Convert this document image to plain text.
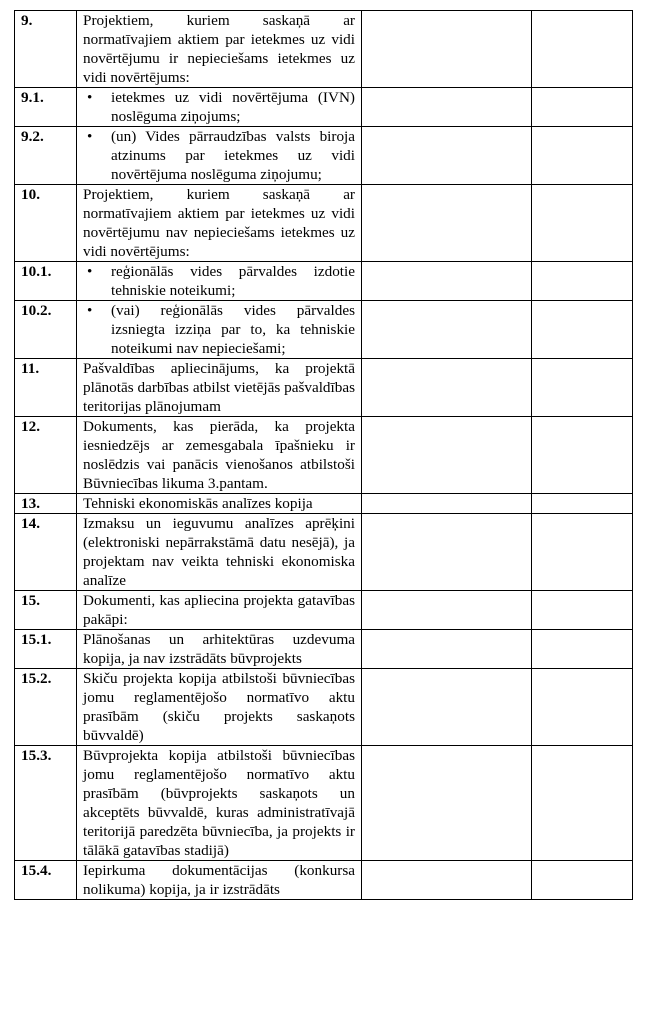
9.	Projektiem, kuriem saskaņā ar normatīvajiem aktiem par ietekmes uz vidi novērtējumu ir nepieciešams ietekmes uz vidi novērtējums:		
9.1.	• ietekmes uz vidi novērtējuma (IVN) noslēguma ziņojums;		

9.2.	• (un) Vides pārraudzības valsts biroja atzinums par ietekmes uz vidi novērtējuma noslēguma ziņojumu;		

10.	Projektiem, kuriem saskaņā ar normatīvajiem aktiem par ietekmes uz vidi novērtējumu nav nepieciešams ietekmes uz vidi novērtējums:		
10.1.	• reģionālās vides pārvaldes izdotie tehniskie noteikumi;		

10.2.	• (vai) reģionālās vides pārvaldes izsniegta izziņa par to, ka tehniskie noteikumi nav nepieciešami;		

11.	Pašvaldības apliecinājums, ka projektā plānotās darbības atbilst vietējās pašvaldības teritorijas plānojumam		
12.	Dokuments, kas pierāda, ka projekta iesniedzējs ar zemesgabala īpašnieku ir noslēdzis vai panācis vienošanos atbilstoši Būvniecības likuma 3.pantam.		
13.	Tehniski ekonomiskās analīzes kopija		
14.	Izmaksu un ieguvumu analīzes aprēķini (elektroniski nepārrakstāmā datu nesējā), ja projektam nav veikta tehniski ekonomiska analīze		
15.	Dokumenti, kas apliecina projekta gatavības pakāpi:		
15.1.	Plānošanas un arhitektūras uzdevuma kopija, ja nav izstrādāts būvprojekts		
15.2.	Skiču projekta kopija atbilstoši būvniecības jomu reglamentējošo normatīvo aktu prasībām (skiču projekts saskaņots būvvaldē)		
15.3.	Būvprojekta kopija atbilstoši būvniecības jomu reglamentējošo normatīvo aktu prasībām (būvprojekts saskaņots un akceptēts būvvaldē, kuras administratīvajā teritorijā paredzēta būvniecība, ja projekts ir tālākā gatavības stadijā)		
15.4.	Iepirkuma dokumentācijas (konkursa nolikuma) kopija, ja ir izstrādāts		
